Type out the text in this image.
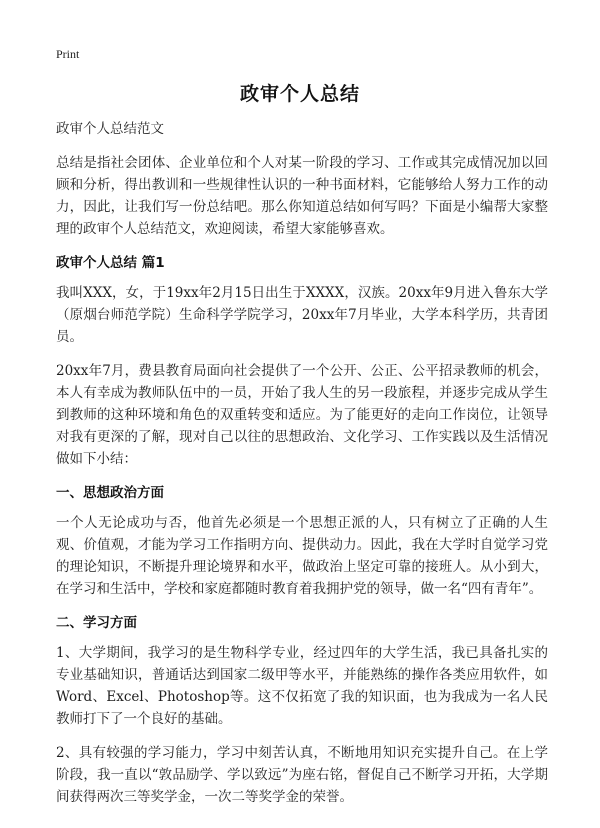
Print
政审个人总结

政审个人总结范文

总结是指社会团体、企业单位和个人对某一阶段的学习、工作或其完成情况加以回顾和分析，得出教训和一些规律性认识的一种书面材料，它能够给人努力工作的动力，因此，让我们写一份总结吧。那么你知道总结如何写吗？下面是小编帮大家整理的政审个人总结范文，欢迎阅读，希望大家能够喜欢。

政审个人总结 篇1

我叫XXX，女，于19xx年2月15日出生于XXXX，汉族。20xx年9月进入鲁东大学（原烟台师范学院）生命科学学院学习，20xx年7月毕业，大学本科学历，共青团员。

20xx年7月，费县教育局面向社会提供了一个公开、公正、公平招录教师的机会，本人有幸成为教师队伍中的一员，开始了我人生的另一段旅程，并逐步完成从学生到教师的这种环境和角色的双重转变和适应。为了能更好的走向工作岗位，让领导对我有更深的了解，现对自己以往的思想政治、文化学习、工作实践以及生活情况做如下小结：

一、思想政治方面

一个人无论成功与否，他首先必须是一个思想正派的人，只有树立了正确的人生观、价值观，才能为学习工作指明方向、提供动力。因此，我在大学时自觉学习党的理论知识，不断提升理论境界和水平，做政治上坚定可靠的接班人。从小到大，在学习和生活中，学校和家庭都随时教育着我拥护党的领导，做一名“四有青年”。

二、学习方面

1、大学期间，我学习的是生物科学专业，经过四年的大学生活，我已具备扎实的专业基础知识，普通话达到国家二级甲等水平，并能熟练的操作各类应用软件，如Word、Excel、Photoshop等。这不仅拓宽了我的知识面，也为我成为一名人民教师打下了一个良好的基础。

2、具有较强的学习能力，学习中刻苦认真，不断地用知识充实提升自己。在上学阶段，我一直以“敦品励学、学以致远”为座右铭，督促自己不断学习开拓，大学期间获得两次三等奖学金，一次二等奖学金的荣誉。
